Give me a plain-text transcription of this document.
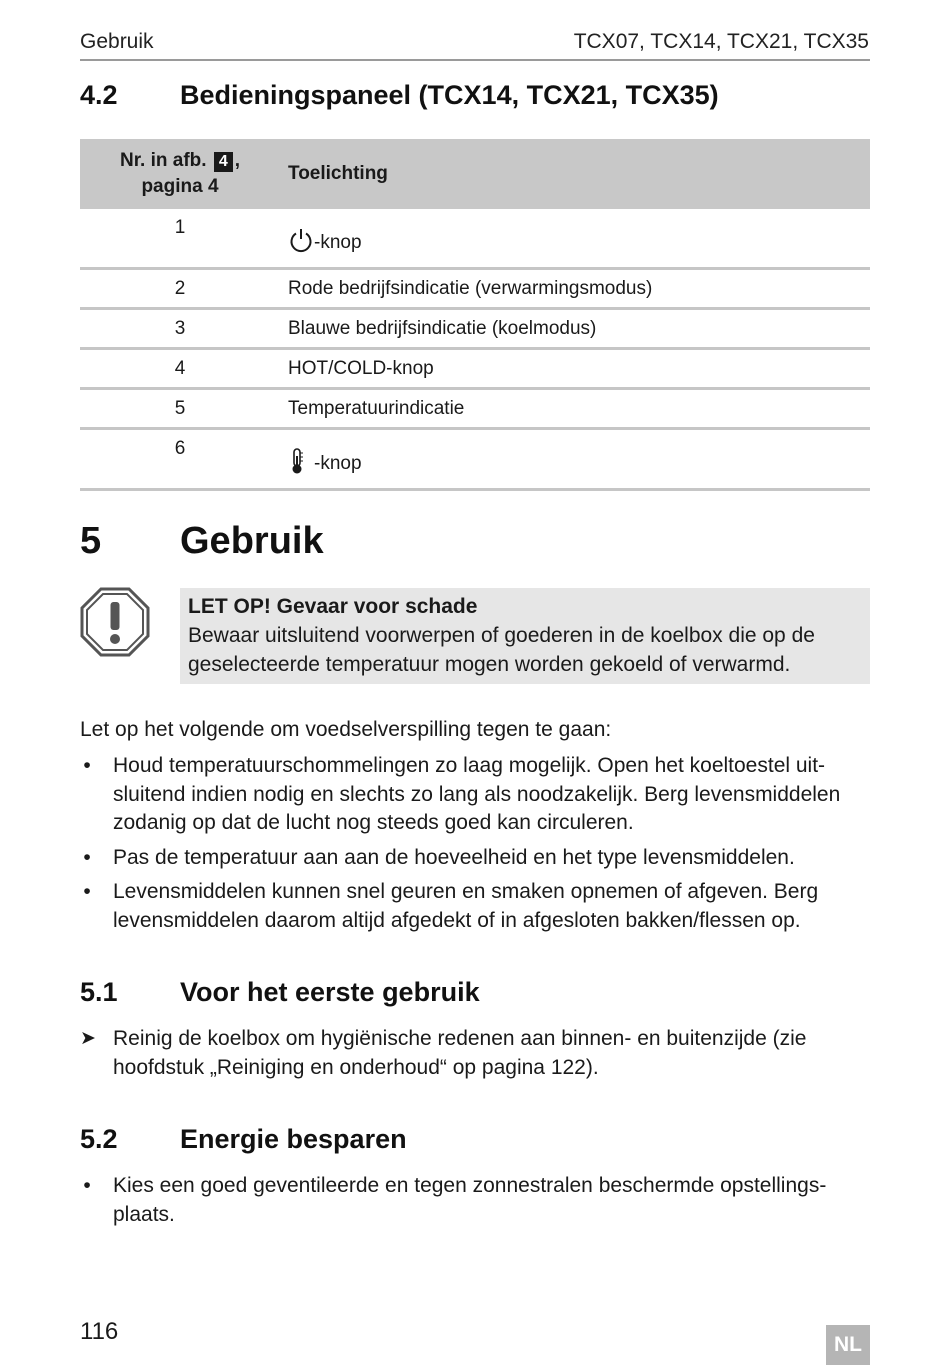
Gebruik	TCX07, TCX14, TCX21, TCX35
4.2 Bedieningspaneel (TCX14, TCX21, TCX35)
Nr. in afb. 4 ,
pagina 4	Toelichting
1	-knop
2	Rode bedrijfsindicatie (verwarmingsmodus)
3	Blauwe bedrijfsindicatie (koelmodus)
4	HOT/COLD-knop
5	Temperatuurindicatie
6	-knop
5 Gebruik
LET OP! Gevaar voor schade
Bewaar uitsluitend voorwerpen of goederen in de koelbox die op de
geselecteerde temperatuur mogen worden gekoeld of verwarmd.
Let op het volgende om voedselverspilling tegen te gaan:
• Houd temperatuurschommelingen zo laag mogelijk. Open het koeltoestel uit-
sluitend indien nodig en slechts zo lang als noodzakelijk. Berg levensmiddelen
zodanig op dat de lucht nog steeds goed kan circuleren.
• Pas de temperatuur aan aan de hoeveelheid en het type levensmiddelen.
• Levensmiddelen kunnen snel geuren en smaken opnemen of afgeven. Berg
levensmiddelen daarom altijd afgedekt of in afgesloten bakken/flessen op.
5.1 Voor het eerste gebruik
➤ Reinig de koelbox om hygiënische redenen aan binnen- en buitenzijde (zie
hoofdstuk „Reiniging en onderhoud“ op pagina 122).
5.2 Energie besparen
• Kies een goed geventileerde en tegen zonnestralen beschermde opstellings-
plaats.
116	NL
